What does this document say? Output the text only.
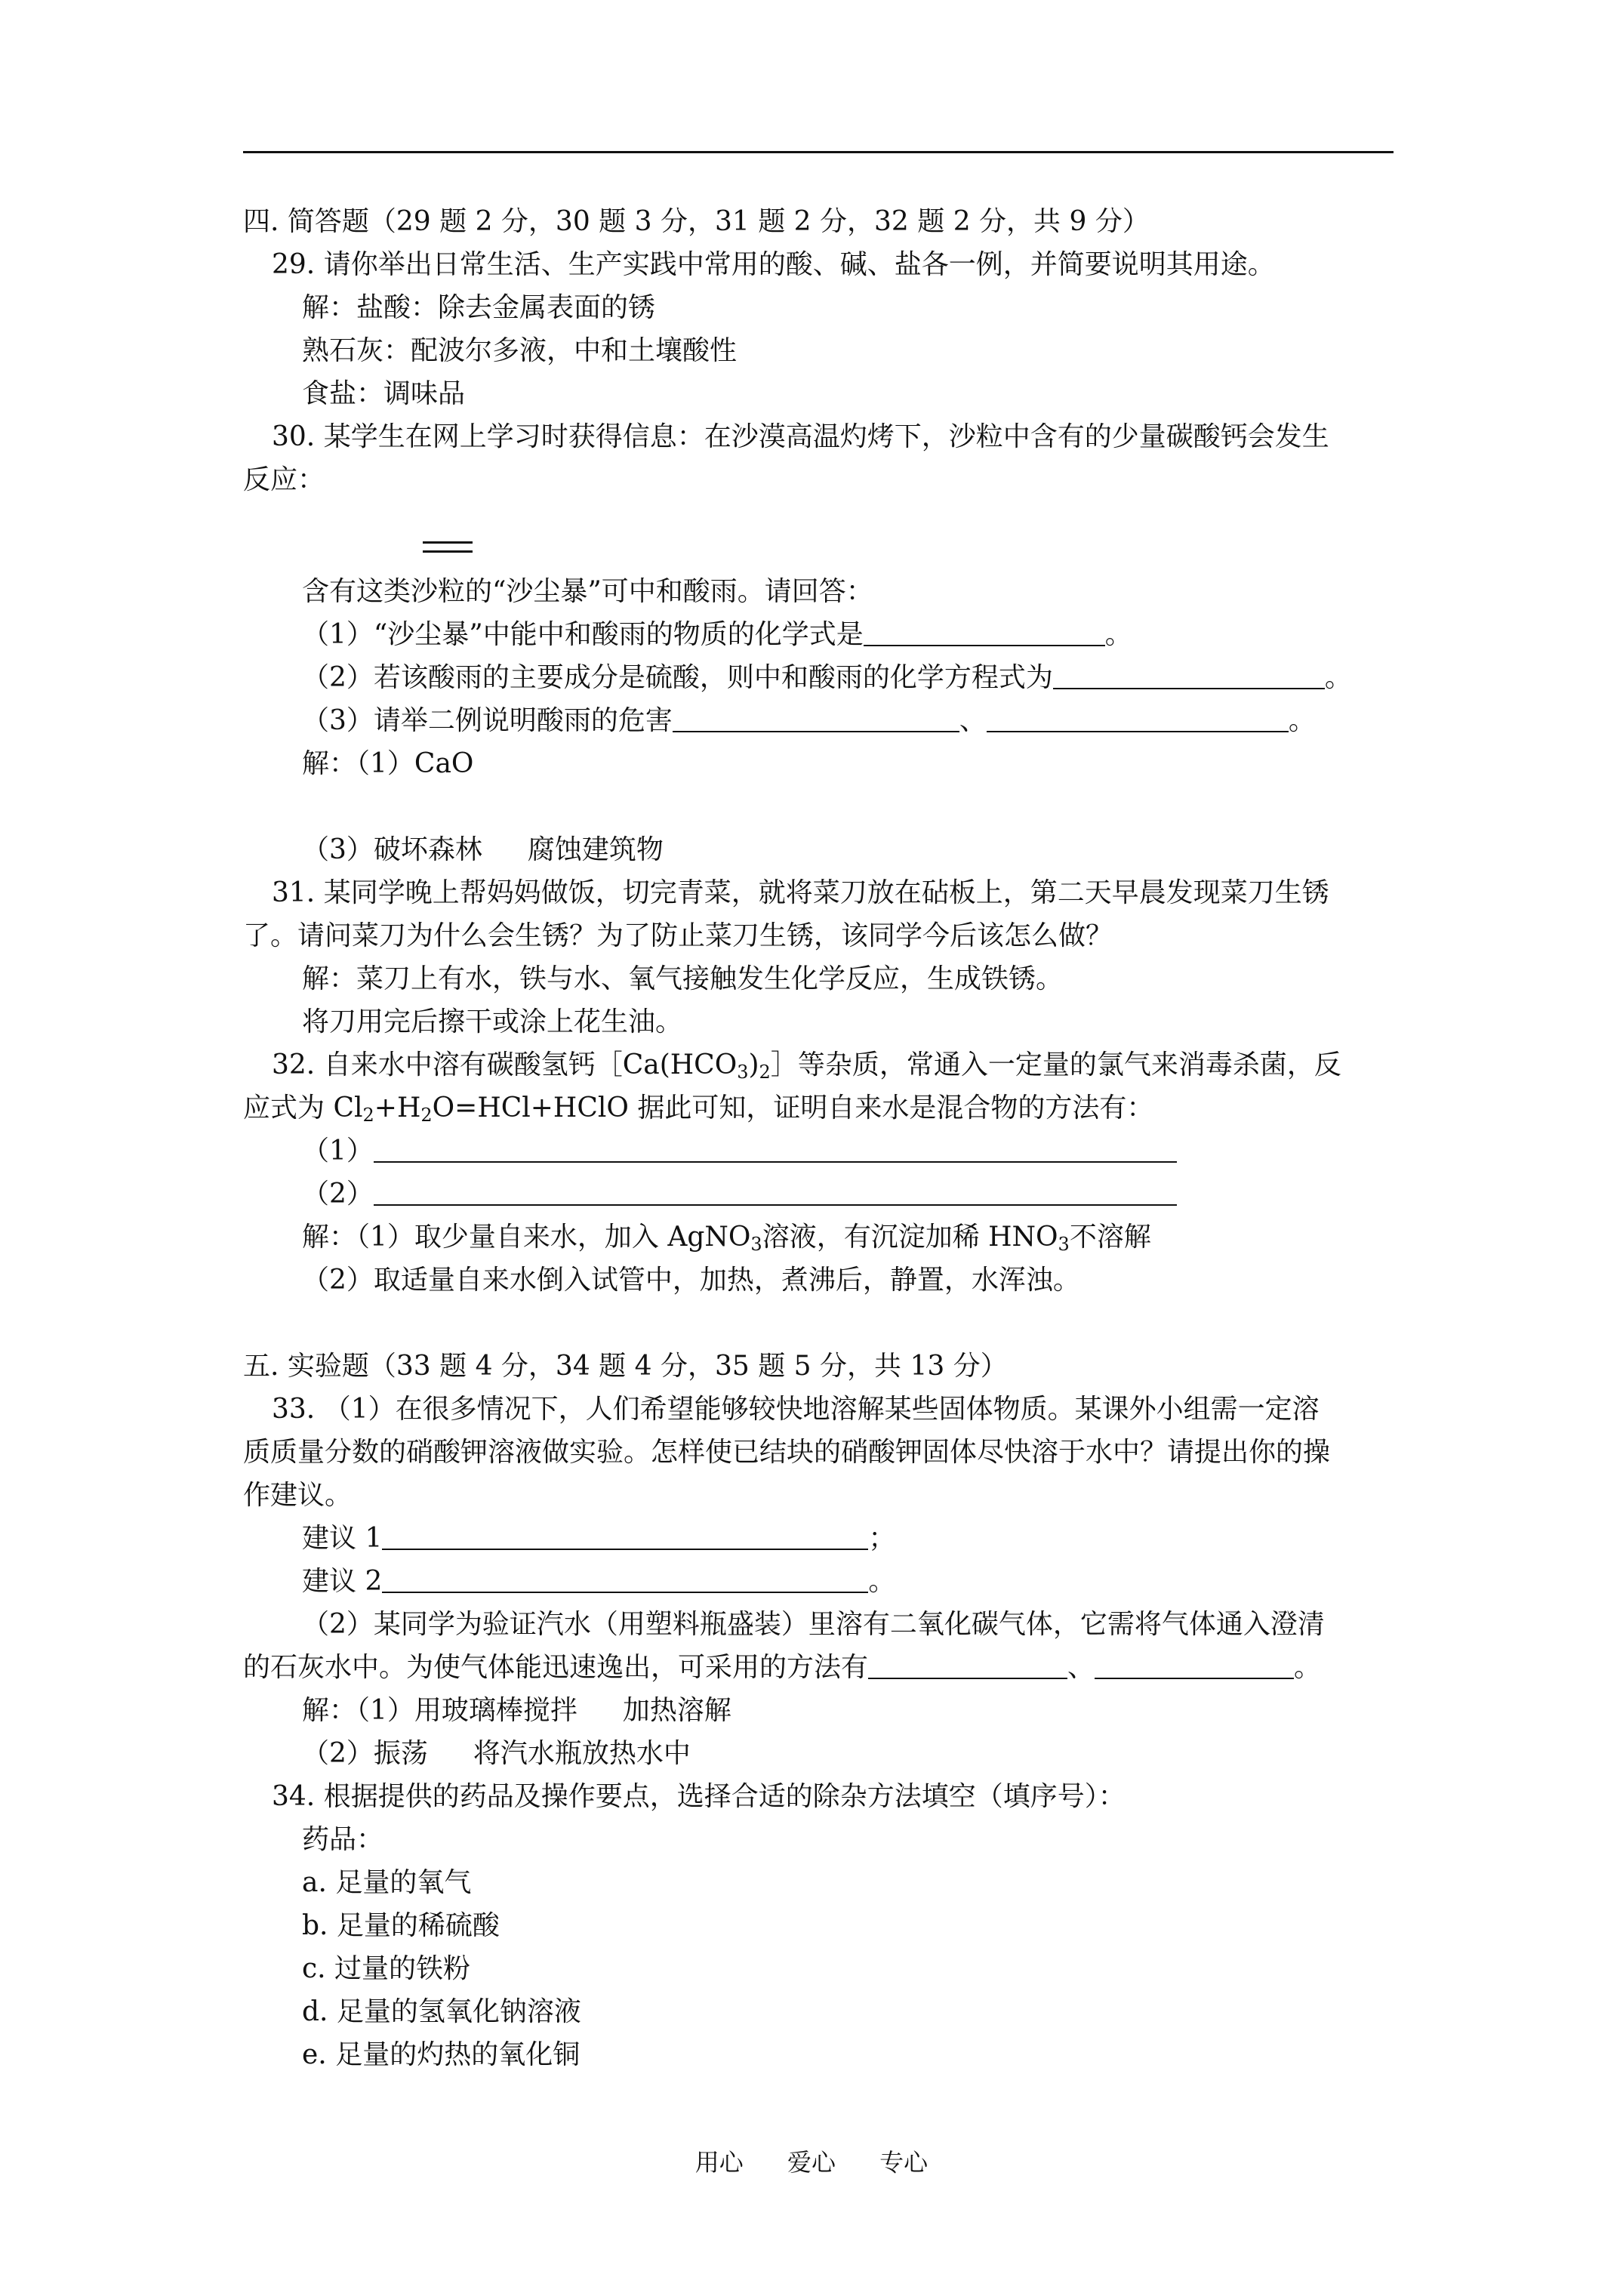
四. 简答题（29 题 2 分，30 题 3 分，31 题 2 分，32 题 2 分，共 9 分）
29. 请你举出日常生活、生产实践中常用的酸、碱、盐各一例，并简要说明其用途。
解：盐酸：除去金属表面的锈
熟石灰：配波尔多液，中和土壤酸性
食盐：调味品
30. 某学生在网上学习时获得信息：在沙漠高温灼烤下，沙粒中含有的少量碳酸钙会发生
反应：
含有这类沙粒的“沙尘暴”可中和酸雨。请回答：
（1）“沙尘暴”中能中和酸雨的物质的化学式是	。
（2）若该酸雨的主要成分是硫酸，则中和酸雨的化学方程式为	。
（3）请举二例说明酸雨的危害	、	。
解：（1）CaO
（3）破坏森林 腐蚀建筑物
31. 某同学晚上帮妈妈做饭，切完青菜，就将菜刀放在砧板上，第二天早晨发现菜刀生锈
了。请问菜刀为什么会生锈？为了防止菜刀生锈，该同学今后该怎么做？
解：菜刀上有水，铁与水、氧气接触发生化学反应，生成铁锈。
将刀用完后擦干或涂上花生油。
32. 自来水中溶有碳酸氢钙$[Ca(HCO_3)_2]$等杂质，常通入一定量的氯气来消毒杀菌，反
应式为 $Cl_2+H_2O=HCl+HClO$ 据此可知，证明自来水是混合物的方法有：
（1）
（2）
解：（1）取少量自来水，加入 AgNO$_3$溶液，有沉淀加稀 $HNO_3$不溶解
（2）取适量自来水倒入试管中，加热，煮沸后，静置，水浑浊。
五. 实验题（33 题 4 分，34 题 4 分，35 题 5 分，共 13 分）
33. （1）在很多情况下，人们希望能够较快地溶解某些固体物质。某课外小组需一定溶
质质量分数的硝酸钾溶液做实验。怎样使已结块的硝酸钾固体尽快溶于水中？请提出你的操
作建议。
建议 1	；
建议 2	。
（2）某同学为验证汽水（用塑料瓶盛装）里溶有二氧化碳气体，它需将气体通入澄清
的石灰水中。为使气体能迅速逸出，可采用的方法有	、	。
解：（1）用玻璃棒搅拌 加热溶解
（2）振荡 将汽水瓶放热水中
34. 根据提供的药品及操作要点，选择合适的除杂方法填空（填序号）：
药品：
a. 足量的氧气
b. 足量的稀硫酸
c. 过量的铁粉
d. 足量的氢氧化钠溶液
e. 足量的灼热的氧化铜
用心 爱心 专心
